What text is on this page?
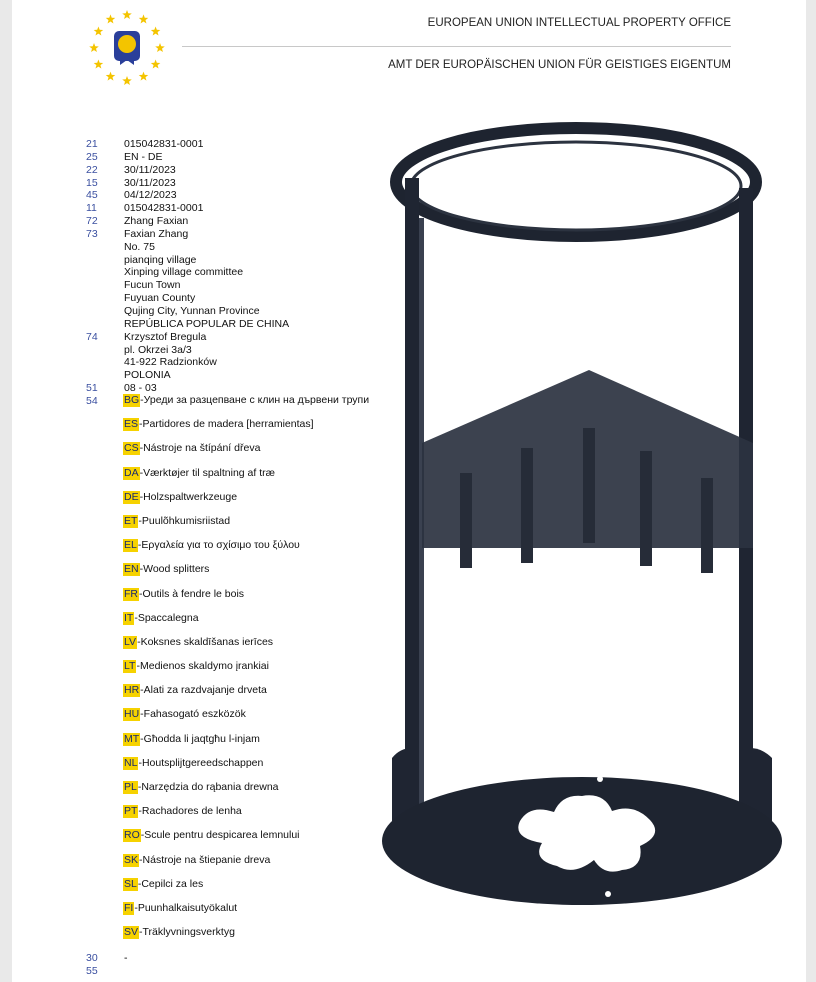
EUROPEAN UNION INTELLECTUAL PROPERTY OFFICE
AMT DER EUROPÄISCHEN UNION FÜR GEISTIGES EIGENTUM
21	015042831-0001
25	EN - DE
22	30/11/2023
15	30/11/2023
45	04/12/2023
11	015042831-0001
72	Zhang Faxian
73	Faxian Zhang
No. 75
pianqing village
Xinping village committee
Fucun Town
Fuyuan County
Qujing City, Yunnan Province
REPÚBLICA POPULAR DE CHINA
74	Krzysztof Bregula
pl. Okrzei 3a/3
41-922 Radzionków
POLONIA
51	08 - 03
54	BG - Уреди за разцепване с клин на дървени трупи
ES - Partidores de madera [herramientas]
CS - Nástroje na štípání dřeva
DA - Værktøjer til spaltning af træ
DE - Holzspaltwerkzeuge
ET - Puulõhkumisriistad
EL - Εργαλεία για το σχίσιμο του ξύλου
EN - Wood splitters
FR - Outils à fendre le bois
IT - Spaccalegna
LV - Koksnes skaldīšanas ierīces
LT - Medienos skaldymo įrankiai
HR - Alati za razdvajanje drveta
HU - Fahasogató eszközök
MT - Għodda li jaqtgħu l-injam
NL - Houtsplijtgereedschappen
PL - Narzędzia do rąbania drewna
PT - Rachadores de lenha
RO - Scule pentru despicarea lemnului
SK - Nástroje na štiepanie dreva
SL - Cepilci za les
FI - Puunhalkaisutyökalut
SV - Träklyvningsverktyg
30	-
55
